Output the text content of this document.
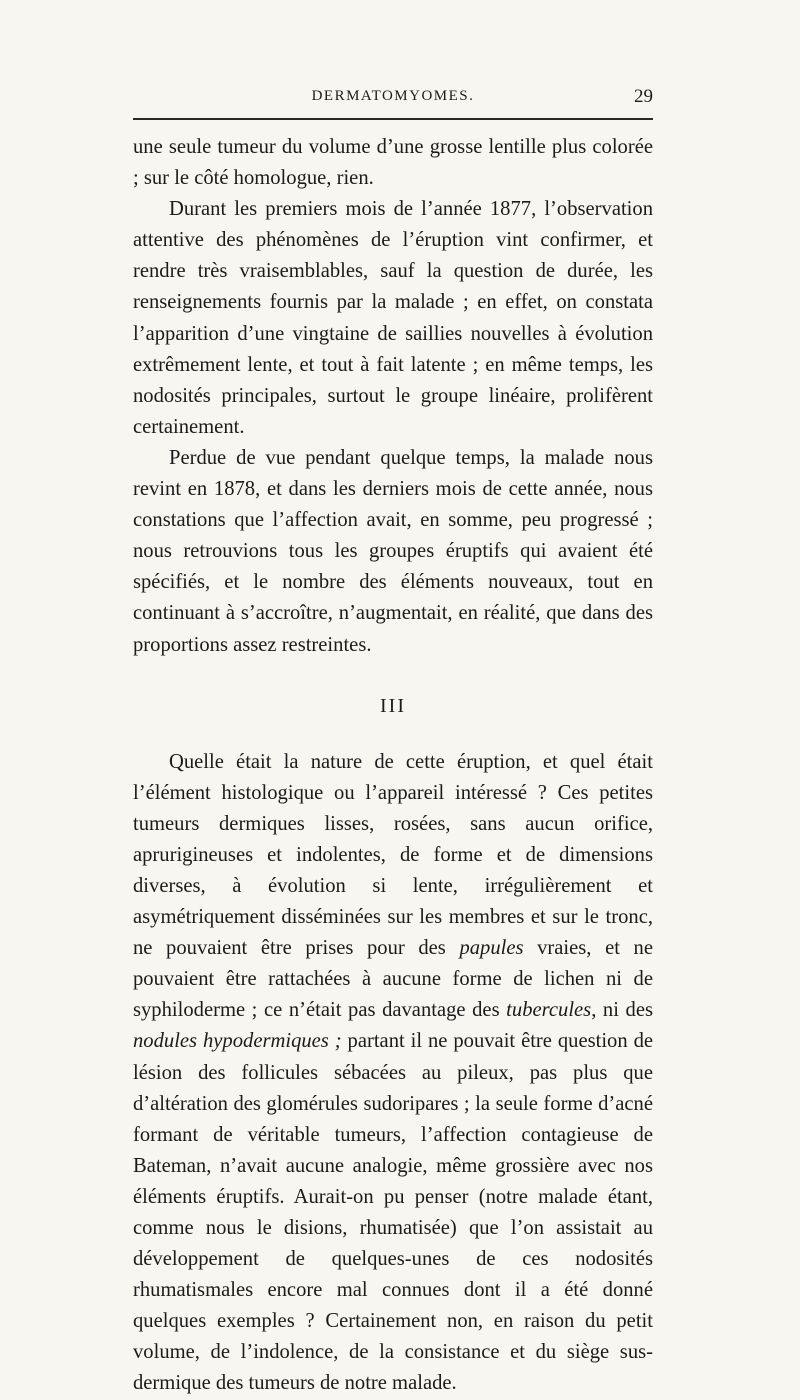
DERMATOMYOMES.	29

une seule tumeur du volume d’une grosse lentille plus colorée ; sur le côté homologue, rien.

Durant les premiers mois de l’année 1877, l’observation attentive des phénomènes de l’éruption vint confirmer, et rendre très vraisemblables, sauf la question de durée, les renseignements fournis par la malade ; en effet, on constata l’apparition d’une vingtaine de saillies nouvelles à évolution extrêmement lente, et tout à fait latente ; en même temps, les nodosités principales, surtout le groupe linéaire, prolifèrent certainement.

Perdue de vue pendant quelque temps, la malade nous revint en 1878, et dans les derniers mois de cette année, nous constations que l’affection avait, en somme, peu progressé ; nous retrouvions tous les groupes éruptifs qui avaient été spécifiés, et le nombre des éléments nouveaux, tout en continuant à s’accroître, n’augmentait, en réalité, que dans des proportions assez restreintes.

III

Quelle était la nature de cette éruption, et quel était l’élément histologique ou l’appareil intéressé ? Ces petites tumeurs dermiques lisses, rosées, sans aucun orifice, aprurigineuses et indolentes, de forme et de dimensions diverses, à évolution si lente, irrégulièrement et asymétriquement disséminées sur les membres et sur le tronc, ne pouvaient être prises pour des papules vraies, et ne pouvaient être rattachées à aucune forme de lichen ni de syphiloderme ; ce n’était pas davantage des tubercules, ni des nodules hypodermiques ; partant il ne pouvait être question de lésion des follicules sébacées au pileux, pas plus que d’altération des glomérules sudoripares ; la seule forme d’acné formant de véritable tumeurs, l’affection contagieuse de Bateman, n’avait aucune analogie, même grossière avec nos éléments éruptifs. Aurait-on pu penser (notre malade étant, comme nous le disions, rhumatisée) que l’on assistait au développement de quelques-unes de ces nodosités rhumatismales encore mal connues dont il a été donné quelques exemples ? Certainement non, en raison du petit volume, de l’indolence, de la consistance et du siège sus-dermique des tumeurs de notre malade.
